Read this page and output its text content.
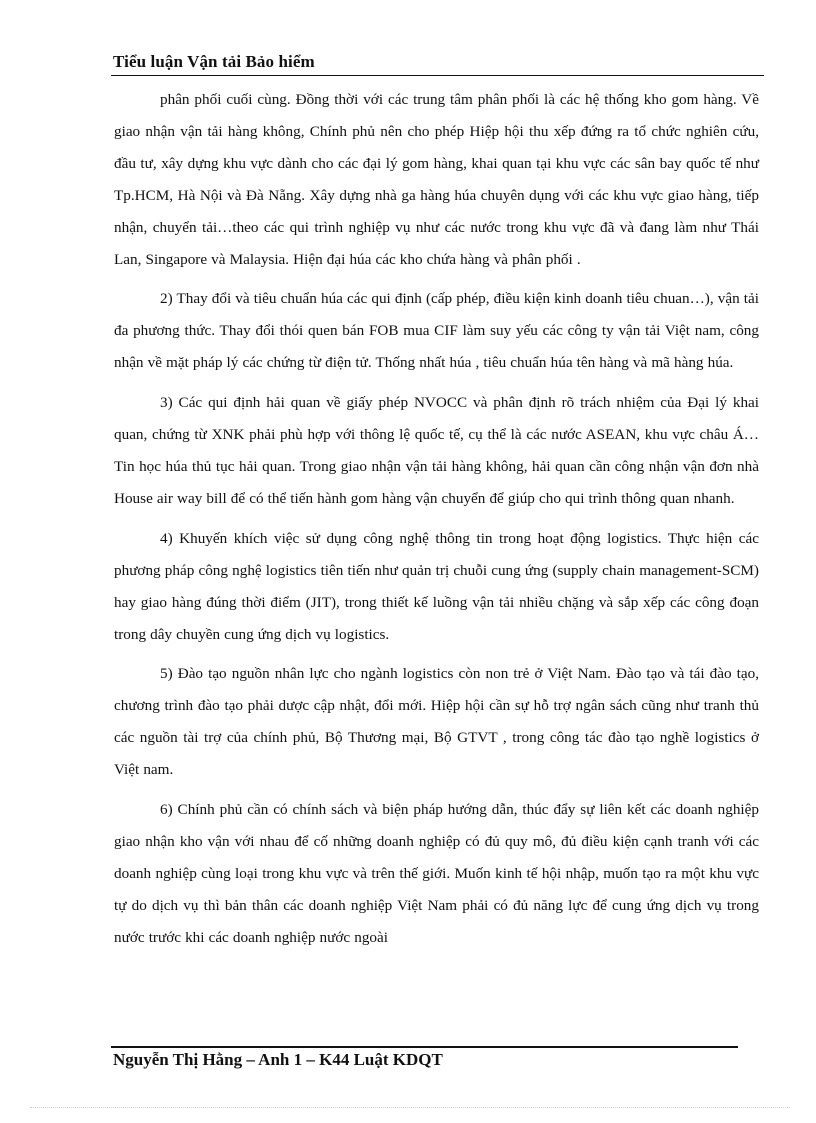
Tiểu luận Vận tải Bảo hiểm

phân phối cuối cùng. Đồng thời với các trung tâm phân phối là các hệ thống kho gom hàng. Về giao nhận vận tải hàng không, Chính phủ nên cho phép Hiệp hội thu xếp đứng ra tổ chức nghiên cứu, đầu tư, xây dựng khu vực dành cho các đại lý gom hàng, khai quan tại khu vực các sân bay quốc tế như Tp.HCM, Hà Nội và Đà Nẵng. Xây dựng nhà ga hàng húa chuyên dụng với các khu vực giao hàng, tiếp nhận, chuyển tải…theo các qui trình nghiệp vụ như các nước trong khu vực đã và đang làm như Thái Lan, Singapore và Malaysia. Hiện đại húa các kho chứa hàng và phân phối .

2) Thay đổi và tiêu chuẩn húa các qui định (cấp phép, điều kiện kinh doanh tiêu chuan…), vận tải đa phương thức. Thay đổi thói quen bán FOB mua CIF làm suy yếu các công ty vận tải Việt nam, công nhận về mặt pháp lý các chứng từ điện tử. Thống nhất húa , tiêu chuẩn húa tên hàng và mã hàng húa.

3) Các qui định hải quan về giấy phép NVOCC và phân định rõ trách nhiệm của Đại lý khai quan, chứng từ XNK phải phù hợp với thông lệ quốc tế, cụ thể là các nước ASEAN, khu vực châu Á…Tin học húa thủ tục hải quan. Trong giao nhận vận tải hàng không, hải quan cần công nhận vận đơn nhà House air way bill để có thể tiến hành gom hàng vận chuyển để giúp cho qui trình thông quan nhanh.

4) Khuyến khích việc sử dụng công nghệ thông tin trong hoạt động logistics. Thực hiện các phương pháp công nghệ logistics tiên tiến như quản trị chuỗi cung ứng (supply chain management-SCM) hay giao hàng đúng thời điểm (JIT), trong thiết kế luồng vận tải nhiều chặng và sắp xếp các công đoạn trong dây chuyền cung ứng dịch vụ logistics.

5) Đào tạo nguồn nhân lực cho ngành logistics còn non trẻ ở Việt Nam. Đào tạo và tái đào tạo, chương trình đào tạo phải dược cập nhật, đổi mới. Hiệp hội cần sự hỗ trợ ngân sách cũng như tranh thủ các nguồn tài trợ của chính phủ, Bộ Thương mại, Bộ GTVT , trong công tác đào tạo nghề logistics ở Việt nam.

6) Chính phủ cần có chính sách và biện pháp hướng dẫn, thúc đẩy sự liên kết các doanh nghiệp giao nhận kho vận với nhau để cố những doanh nghiệp có đủ quy mô, đủ điều kiện cạnh tranh với các doanh nghiệp cùng loại trong khu vực và trên thế giới. Muốn kinh tế hội nhập, muốn tạo ra một khu vực tự do dịch vụ thì bản thân các doanh nghiệp Việt Nam phải có đủ năng lực để cung ứng dịch vụ trong nước trước khi các doanh nghiệp nước ngoài

Nguyễn Thị Hằng – Anh 1 – K44 Luật KDQT
